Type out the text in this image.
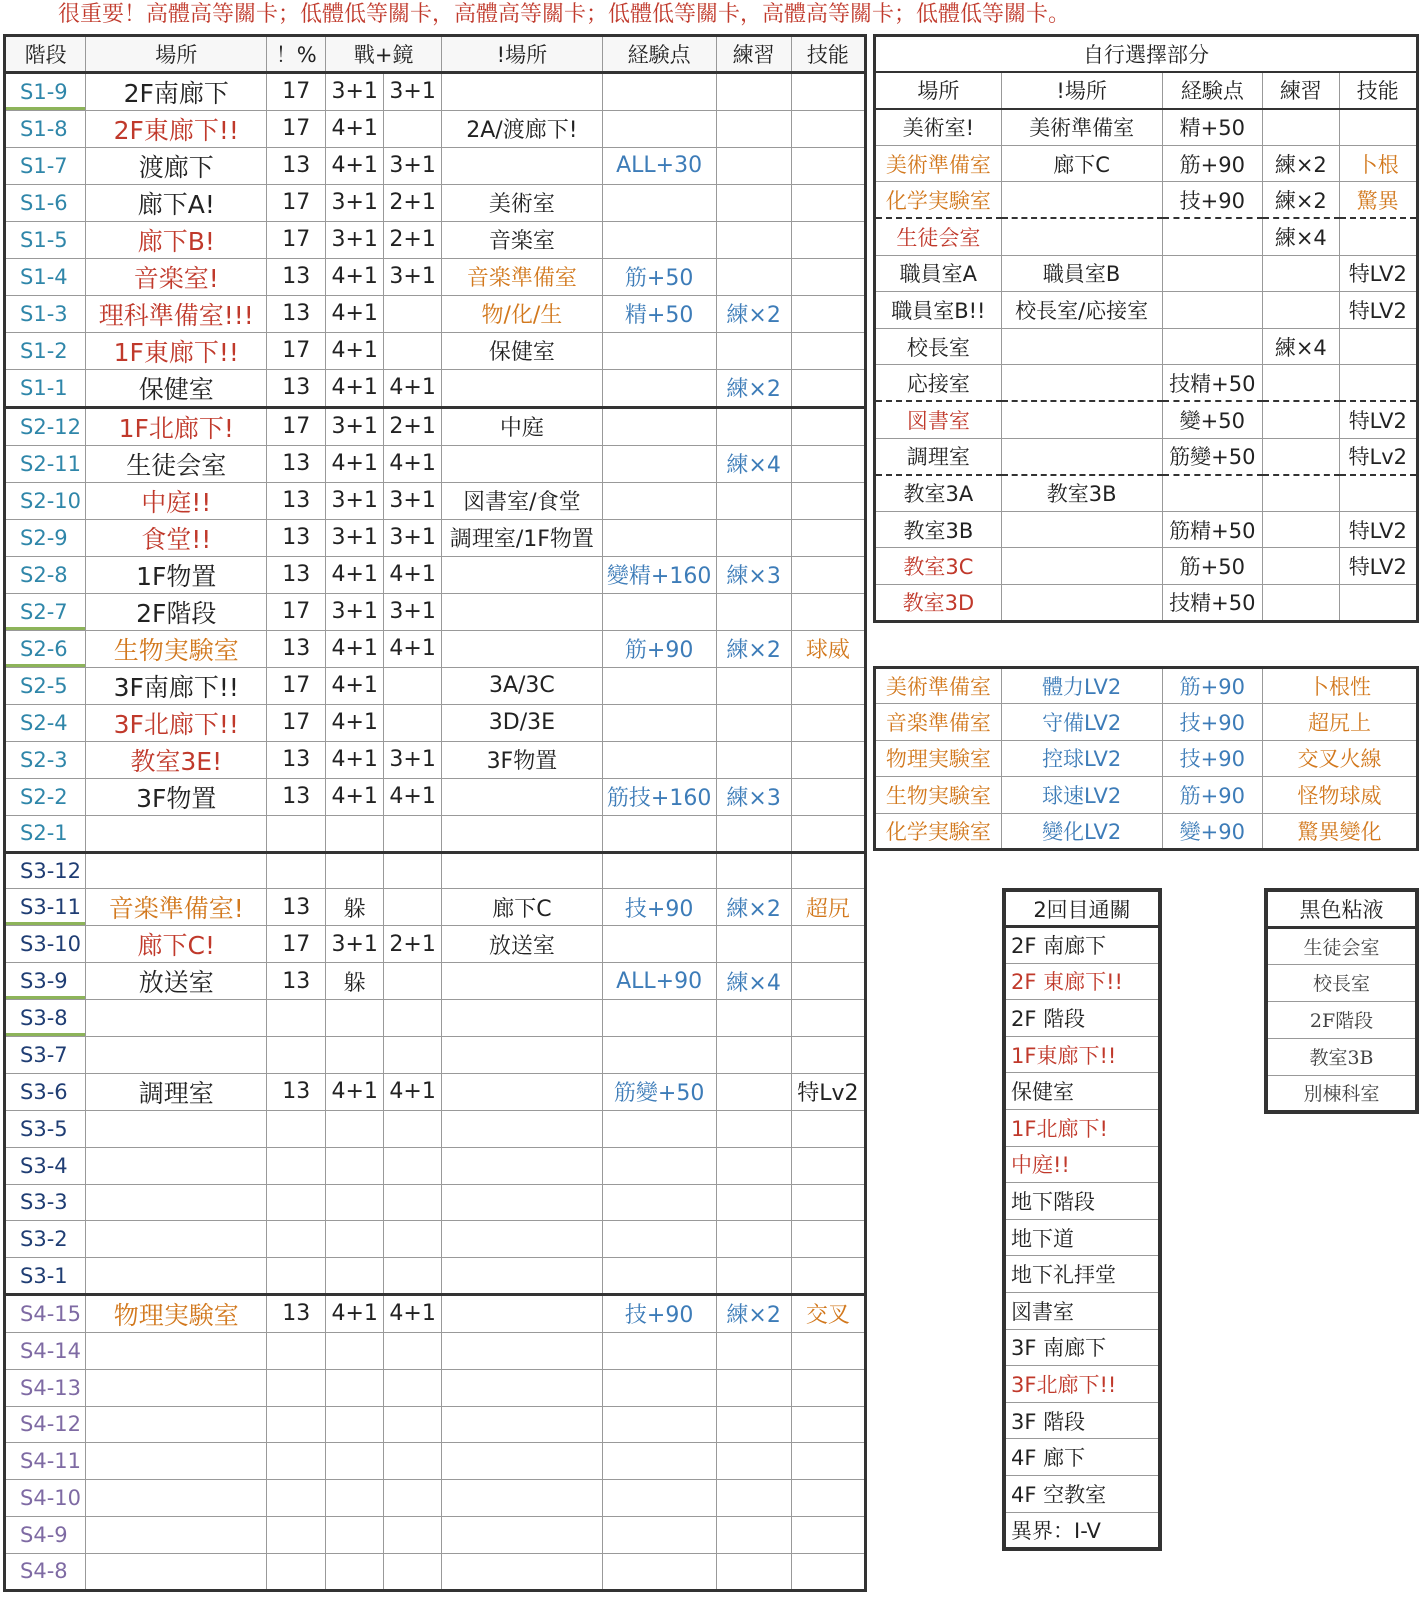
很重要！高體高等關卡；低體低等關卡，高體高等關卡；低體低等關卡，高體高等關卡；低體低等關卡。
階段	場所	！%	戰+鏡		!場所	経験点	練習	技能
S1-9	2F南廊下	17	3+1	3+1				
S1-8	2F東廊下!!	17	4+1		2A/渡廊下!			
S1-7	渡廊下	13	4+1	3+1		ALL+30		
S1-6	廊下A!	17	3+1	2+1	美術室			
S1-5	廊下B!	17	3+1	2+1	音楽室			
S1-4	音楽室!	13	4+1	3+1	音楽準備室	筋+50		
S1-3	理科準備室!!!	13	4+1		物/化/生	精+50	練×2	
S1-2	1F東廊下!!	17	4+1		保健室			
S1-1	保健室	13	4+1	4+1			練×2	
S2-12	1F北廊下!	17	3+1	2+1	中庭			
S2-11	生徒会室	13	4+1	4+1			練×4	
S2-10	中庭!!	13	3+1	3+1	図書室/食堂			
S2-9	食堂!!	13	3+1	3+1	調理室/1F物置			
S2-8	1F物置	13	4+1	4+1		變精+160	練×3	
S2-7	2F階段	17	3+1	3+1				
S2-6	生物実験室	13	4+1	4+1		筋+90	練×2	球威
S2-5	3F南廊下!!	17	4+1		3A/3C			
S2-4	3F北廊下!!	17	4+1		3D/3E			
S2-3	教室3E!	13	4+1	3+1	3F物置			
S2-2	3F物置	13	4+1	4+1		筋技+160	練×3	
S2-1								
S3-12								
S3-11	音楽準備室!	13	躲		廊下C	技+90	練×2	超尻
S3-10	廊下C!	17	3+1	2+1	放送室			
S3-9	放送室	13	躲			ALL+90	練×4	
S3-8								
S3-7								
S3-6	調理室	13	4+1	4+1		筋變+50		特Lv2
S3-5								
S3-4								
S3-3								
S3-2								
S3-1								
S4-15	物理実験室	13	4+1	4+1		技+90	練×2	交叉
S4-14								
S4-13								
S4-12								
S4-11								
S4-10								
S4-9								
S4-8								
自行選擇部分				
場所	!場所	経験点	練習	技能
美術室!	美術準備室	精+50		
美術準備室	廊下C	筋+90	練×2	卜根
化学実験室		技+90	練×2	驚異
生徒会室			練×4	
職員室A	職員室B			特LV2
職員室B!!	校長室/応接室			特LV2
校長室			練×4	
応接室		技精+50		
図書室		變+50		特LV2
調理室		筋變+50		特Lv2
教室3A	教室3B			
教室3B		筋精+50		特LV2
教室3C		筋+50		特LV2
教室3D		技精+50		
美術準備室	體力LV2	筋+90	卜根性
音楽準備室	守備LV2	技+90	超尻上
物理実験室	控球LV2	技+90	交叉火線
生物実験室	球速LV2	筋+90	怪物球威
化学実験室	變化LV2	變+90	驚異變化
2回目通關
2F 南廊下
2F 東廊下!!
2F 階段
1F東廊下!!
保健室
1F北廊下!
中庭!!
地下階段
地下道
地下礼拝堂
図書室
3F 南廊下
3F北廊下!!
3F 階段
4F 廊下
4F 空教室
異界：I-V
黒色粘液
生徒会室
校長室
2F階段
教室3B
別棟科室
